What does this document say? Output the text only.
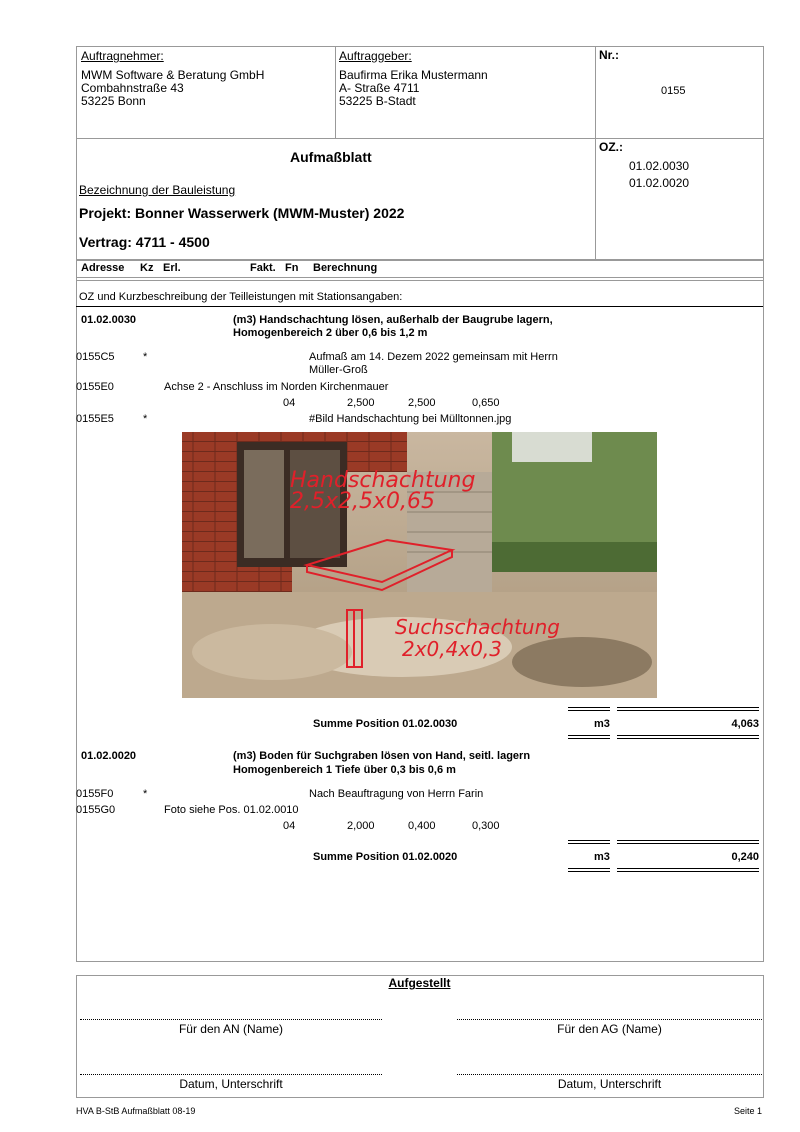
Auftragnehmer:
MWM Software & Beratung GmbH
Combahnstraße 43
53225 Bonn
Auftraggeber:
Baufirma Erika Mustermann
A- Straße 4711
53225 B-Stadt
Nr.:
0155
Aufmaßblatt
OZ.:
01.02.0030
01.02.0020
Bezeichnung der Bauleistung
Projekt: Bonner Wasserwerk (MWM-Muster) 2022
Vertrag: 4711 - 4500
Adresse Kz Erl.	Fakt. Fn Berechnung
OZ und Kurzbeschreibung der Teilleistungen mit Stationsangaben:
01.02.0030	(m3) Handschachtung lösen, außerhalb der Baugrube lagern,
Homogenbereich 2 über 0,6 bis 1,2 m
0155C5	*	Aufmaß am 14. Dezem 2022 gemeinsam mit Herrn
Müller-Groß
0155E0	Achse 2 - Anschluss im Norden Kirchenmauer
04	2,500	2,500	0,650
0155E5	*	#Bild Handschachtung bei Mülltonnen.jpg
Handschachtung
2,5x2,5x0,65
Suchschachtung
2x0,4x0,3
Summe Position 01.02.0030	m3	4,063
01.02.0020	(m3) Boden für Suchgraben lösen von Hand, seitl. lagern
Homogenbereich 1 Tiefe über 0,3 bis 0,6 m
0155F0	*	Nach Beauftragung von Herrn Farin
0155G0	Foto siehe Pos. 01.02.0010
04	2,000	0,400	0,300
Summe Position 01.02.0020	m3	0,240
Aufgestellt
Für den AN (Name)	Für den AG (Name)
Datum, Unterschrift	Datum, Unterschrift
HVA B-StB Aufmaßblatt 08-19	Seite 1
